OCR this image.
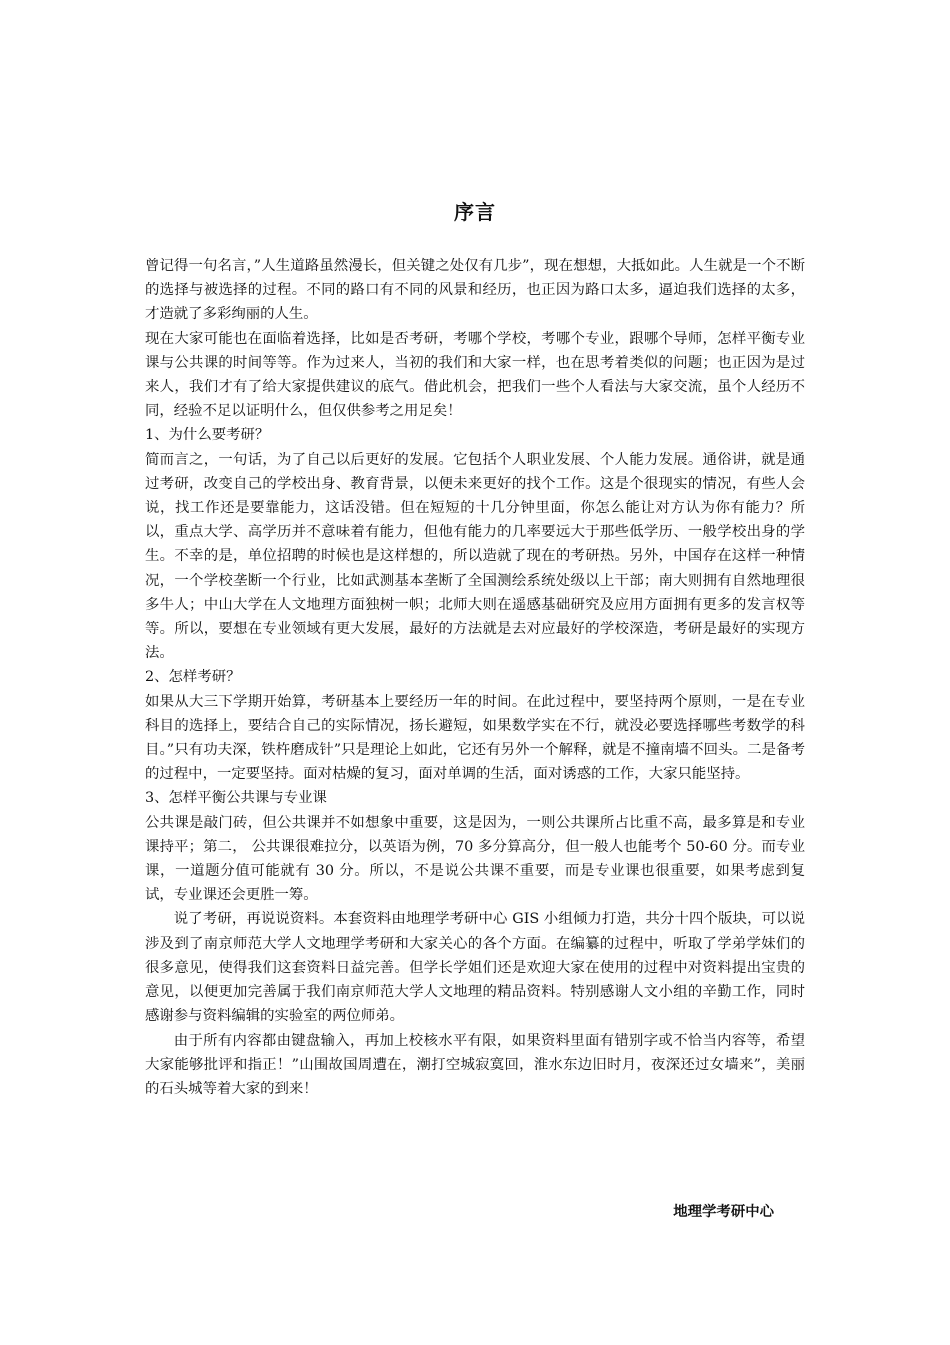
序言

曾记得一句名言，”人生道路虽然漫长，但关键之处仅有几步”，现在想想，大抵如此。人生就是一个不断的选择与被选择的过程。不同的路口有不同的风景和经历，也正因为路口太多，逼迫我们选择的太多，才造就了多彩绚丽的人生。

现在大家可能也在面临着选择，比如是否考研，考哪个学校，考哪个专业，跟哪个导师，怎样平衡专业课与公共课的时间等等。作为过来人，当初的我们和大家一样，也在思考着类似的问题；也正因为是过来人，我们才有了给大家提供建议的底气。借此机会，把我们一些个人看法与大家交流，虽个人经历不同，经验不足以证明什么，但仅供参考之用足矣！

1、为什么要考研？

简而言之，一句话，为了自己以后更好的发展。它包括个人职业发展、个人能力发展。通俗讲，就是通过考研，改变自己的学校出身、教育背景，以便未来更好的找个工作。这是个很现实的情况，有些人会说，找工作还是要靠能力，这话没错。但在短短的十几分钟里面，你怎么能让对方认为你有能力？所以，重点大学、高学历并不意味着有能力，但他有能力的几率要远大于那些低学历、一般学校出身的学生。不幸的是，单位招聘的时候也是这样想的，所以造就了现在的考研热。另外，中国存在这样一种情况，一个学校垄断一个行业，比如武测基本垄断了全国测绘系统处级以上干部；南大则拥有自然地理很多牛人；中山大学在人文地理方面独树一帜；北师大则在遥感基础研究及应用方面拥有更多的发言权等等。所以，要想在专业领域有更大发展，最好的方法就是去对应最好的学校深造，考研是最好的实现方法。

2、怎样考研？

如果从大三下学期开始算，考研基本上要经历一年的时间。在此过程中，要坚持两个原则，一是在专业科目的选择上，要结合自己的实际情况，扬长避短，如果数学实在不行，就没必要选择哪些考数学的科目。”只有功夫深，铁杵磨成针”只是理论上如此，它还有另外一个解释，就是不撞南墙不回头。二是备考的过程中，一定要坚持。面对枯燥的复习，面对单调的生活，面对诱惑的工作，大家只能坚持。

3、怎样平衡公共课与专业课

公共课是敲门砖，但公共课并不如想象中重要，这是因为，一则公共课所占比重不高，最多算是和专业课持平；第二， 公共课很难拉分，以英语为例，70 多分算高分，但一般人也能考个 50-60 分。而专业课，一道题分值可能就有 30 分。所以，不是说公共课不重要，而是专业课也很重要，如果考虑到复试，专业课还会更胜一筹。

说了考研，再说说资料。本套资料由地理学考研中心 GIS 小组倾力打造，共分十四个版块，可以说涉及到了南京师范大学人文地理学考研和大家关心的各个方面。在编纂的过程中，听取了学弟学妹们的很多意见，使得我们这套资料日益完善。但学长学姐们还是欢迎大家在使用的过程中对资料提出宝贵的意见，以便更加完善属于我们南京师范大学人文地理的精品资料。特别感谢人文小组的辛勤工作，同时感谢参与资料编辑的实验室的两位师弟。

由于所有内容都由键盘输入，再加上校核水平有限，如果资料里面有错别字或不恰当内容等，希望大家能够批评和指正！”山围故国周遭在，潮打空城寂寞回，淮水东边旧时月，夜深还过女墙来”，美丽的石头城等着大家的到来！

地理学考研中心
